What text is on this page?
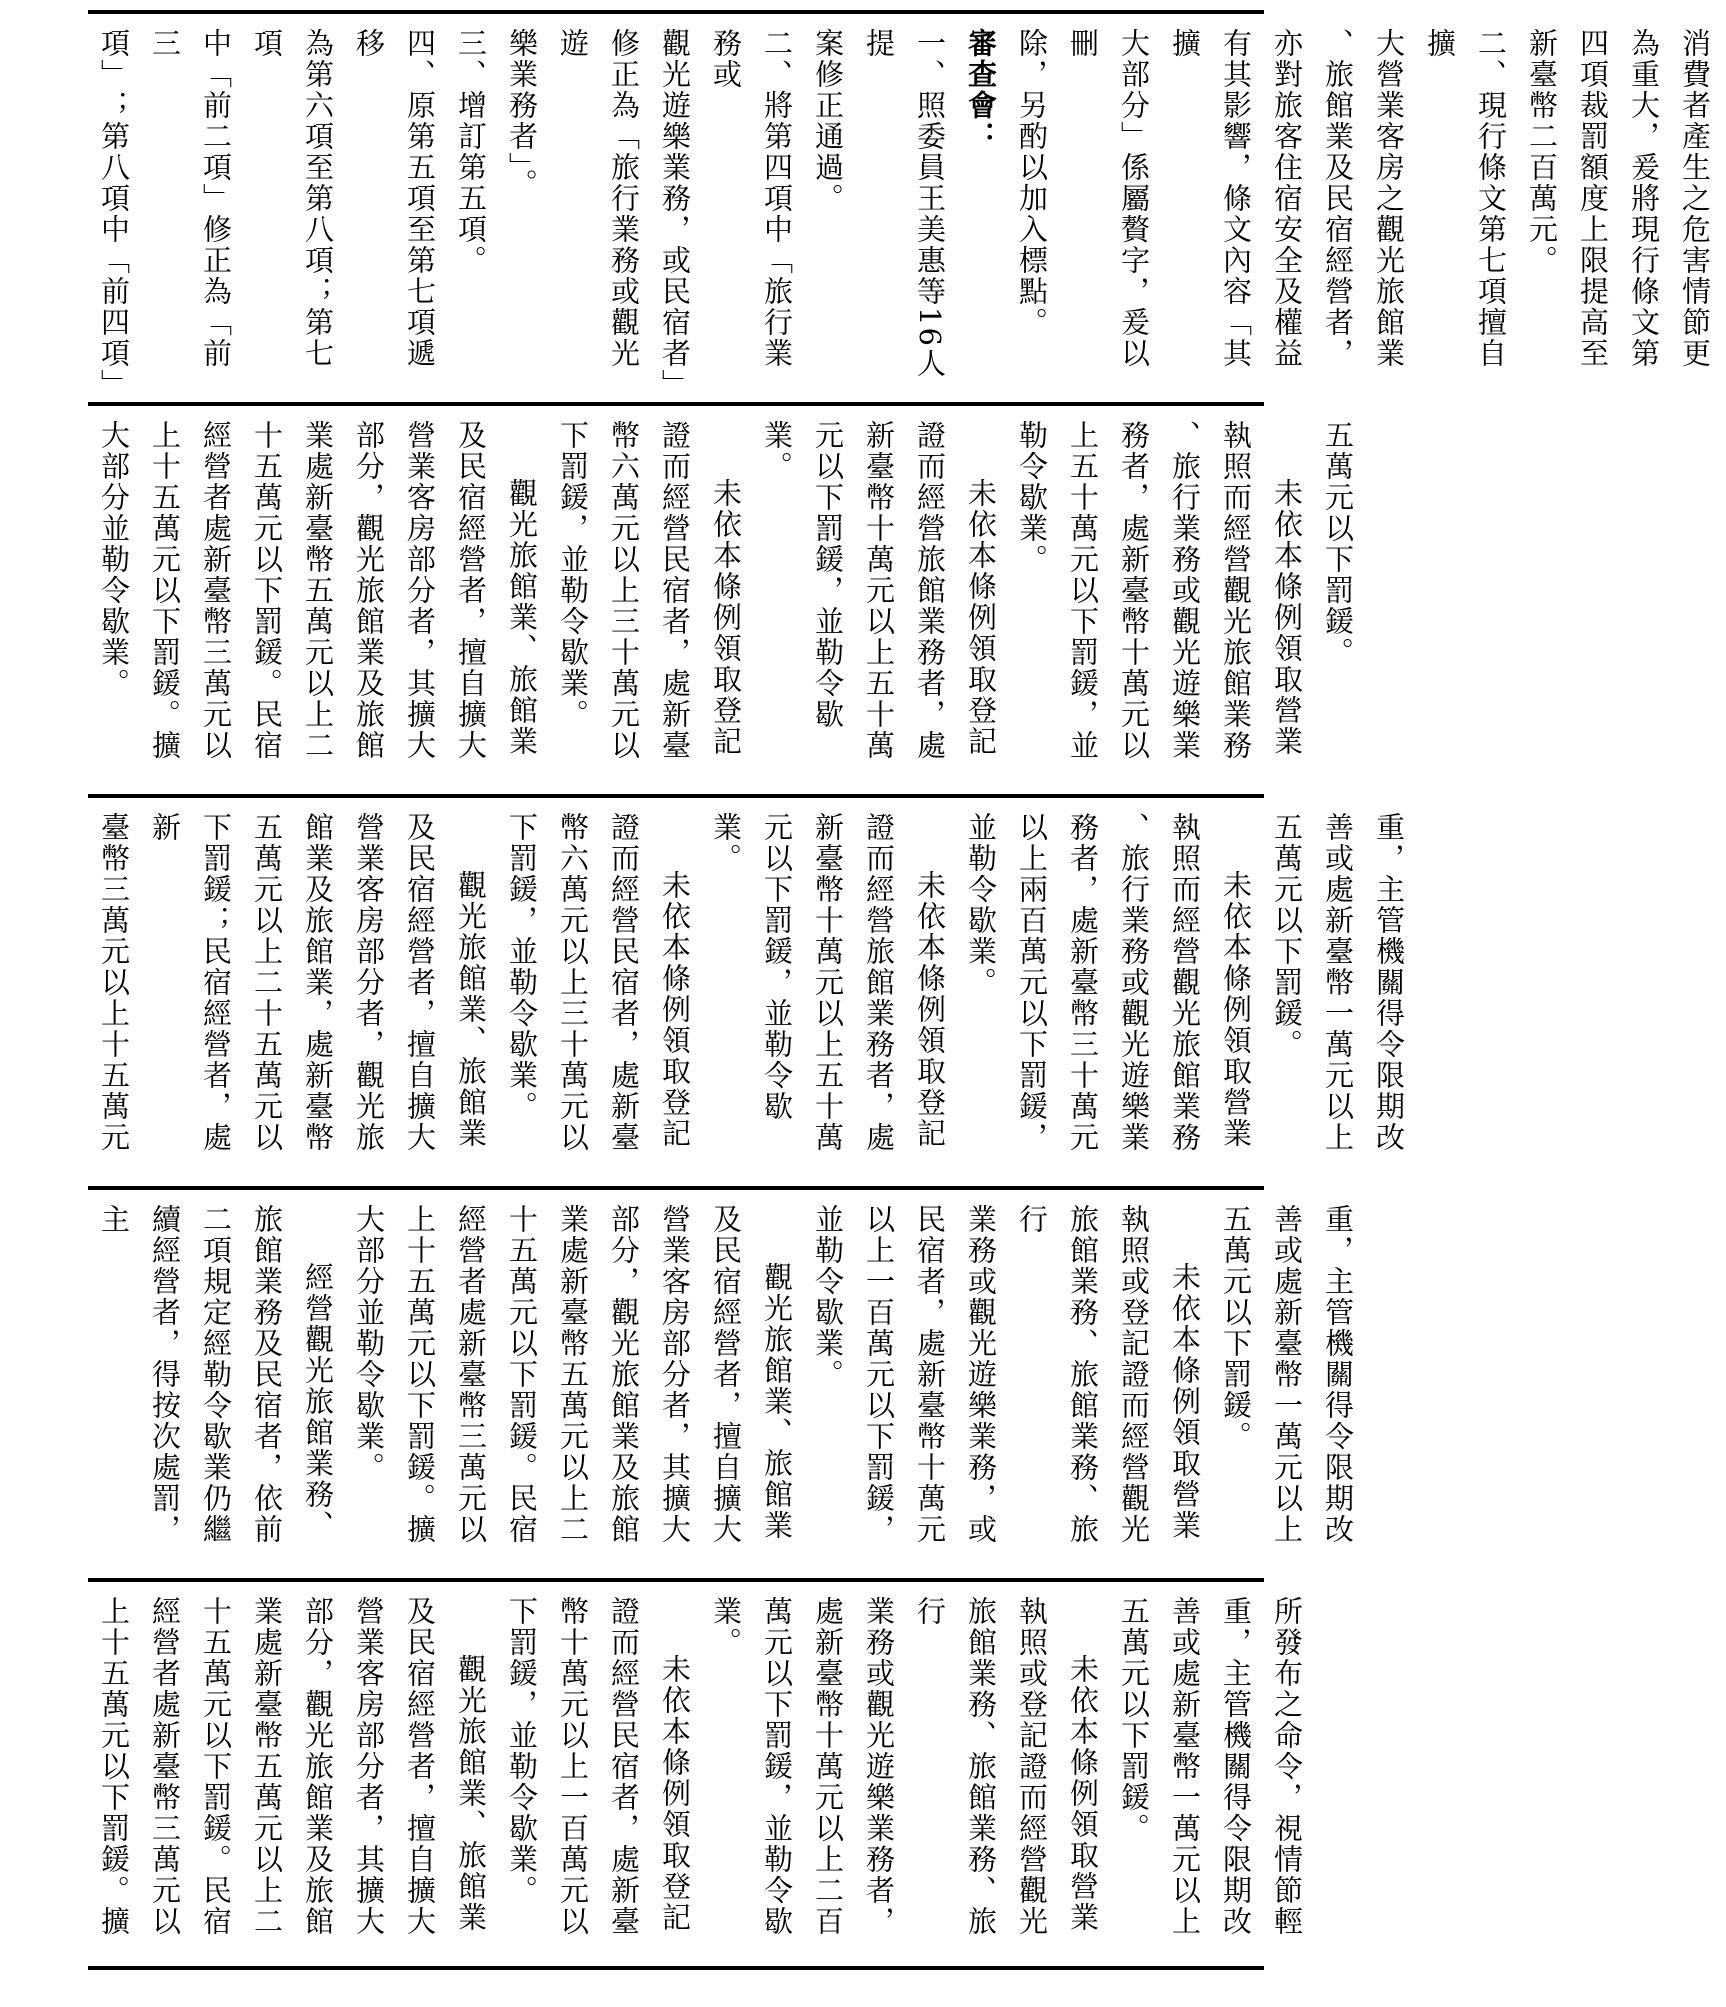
消費者產生之危害情節更
為重大，爰將現行條文第
四項裁罰額度上限提高至
新臺幣二百萬元。
二、現行條文第七項擅自擴
大營業客房之觀光旅館業
、旅館業及民宿經營者，
亦對旅客住宿安全及權益
有其影響，條文內容「其擴
大部分」係屬贅字，爰以刪
除，另酌以加入標點。
審查會：
一、照委員王美惠等16人提
案修正通過。
二、將第四項中「旅行業務或
觀光遊樂業務，或民宿者」
修正為「旅行業務或觀光遊
樂業務者」。
三、增訂第五項。
四、原第五項至第七項遞移
為第六項至第八項；第七項
中「前二項」修正為「前三
項」；第八項中「前四項」
五萬元以下罰鍰。
未依本條例領取營業
執照而經營觀光旅館業務
、旅行業務或觀光遊樂業
務者，處新臺幣十萬元以
上五十萬元以下罰鍰，並
勒令歇業。
未依本條例領取登記
證而經營旅館業務者，處
新臺幣十萬元以上五十萬
元以下罰鍰，並勒令歇業。
未依本條例領取登記
證而經營民宿者，處新臺
幣六萬元以上三十萬元以
下罰鍰，並勒令歇業。
觀光旅館業、旅館業
及民宿經營者，擅自擴大
營業客房部分者，其擴大
部分，觀光旅館業及旅館
業處新臺幣五萬元以上二
十五萬元以下罰鍰。民宿
經營者處新臺幣三萬元以
上十五萬元以下罰鍰。擴
大部分並勒令歇業。
重，主管機關得令限期改
善或處新臺幣一萬元以上
五萬元以下罰鍰。
未依本條例領取營業
執照而經營觀光旅館業務
、旅行業務或觀光遊樂業
務者，處新臺幣三十萬元
以上兩百萬元以下罰鍰，
並勒令歇業。
未依本條例領取登記
證而經營旅館業務者，處
新臺幣十萬元以上五十萬
元以下罰鍰，並勒令歇業。
未依本條例領取登記
證而經營民宿者，處新臺
幣六萬元以上三十萬元以
下罰鍰，並勒令歇業。
觀光旅館業、旅館業
及民宿經營者，擅自擴大
營業客房部分者，觀光旅
館業及旅館業，處新臺幣
五萬元以上二十五萬元以
下罰鍰；民宿經營者，處新
臺幣三萬元以上十五萬元
重，主管機關得令限期改
善或處新臺幣一萬元以上
五萬元以下罰鍰。
未依本條例領取營業
執照或登記證而經營觀光
旅館業務、旅館業務、旅行
業務或觀光遊樂業務，或
民宿者，處新臺幣十萬元
以上一百萬元以下罰鍰，
並勒令歇業。
觀光旅館業、旅館業
及民宿經營者，擅自擴大
營業客房部分者，其擴大
部分，觀光旅館業及旅館
業處新臺幣五萬元以上二
十五萬元以下罰鍰。民宿
經營者處新臺幣三萬元以
上十五萬元以下罰鍰。擴
大部分並勒令歇業。
經營觀光旅館業務、
旅館業務及民宿者，依前
二項規定經勒令歇業仍繼
續經營者，得按次處罰，主
所發布之命令，視情節輕
重，主管機關得令限期改
善或處新臺幣一萬元以上
五萬元以下罰鍰。
未依本條例領取營業
執照或登記證而經營觀光
旅館業務、旅館業務、旅行
業務或觀光遊樂業務者，
處新臺幣十萬元以上二百
萬元以下罰鍰，並勒令歇
業。
未依本條例領取登記
證而經營民宿者，處新臺
幣十萬元以上一百萬元以
下罰鍰，並勒令歇業。
觀光旅館業、旅館業
及民宿經營者，擅自擴大
營業客房部分者，其擴大
部分，觀光旅館業及旅館
業處新臺幣五萬元以上二
十五萬元以下罰鍰。民宿
經營者處新臺幣三萬元以
上十五萬元以下罰鍰。擴
